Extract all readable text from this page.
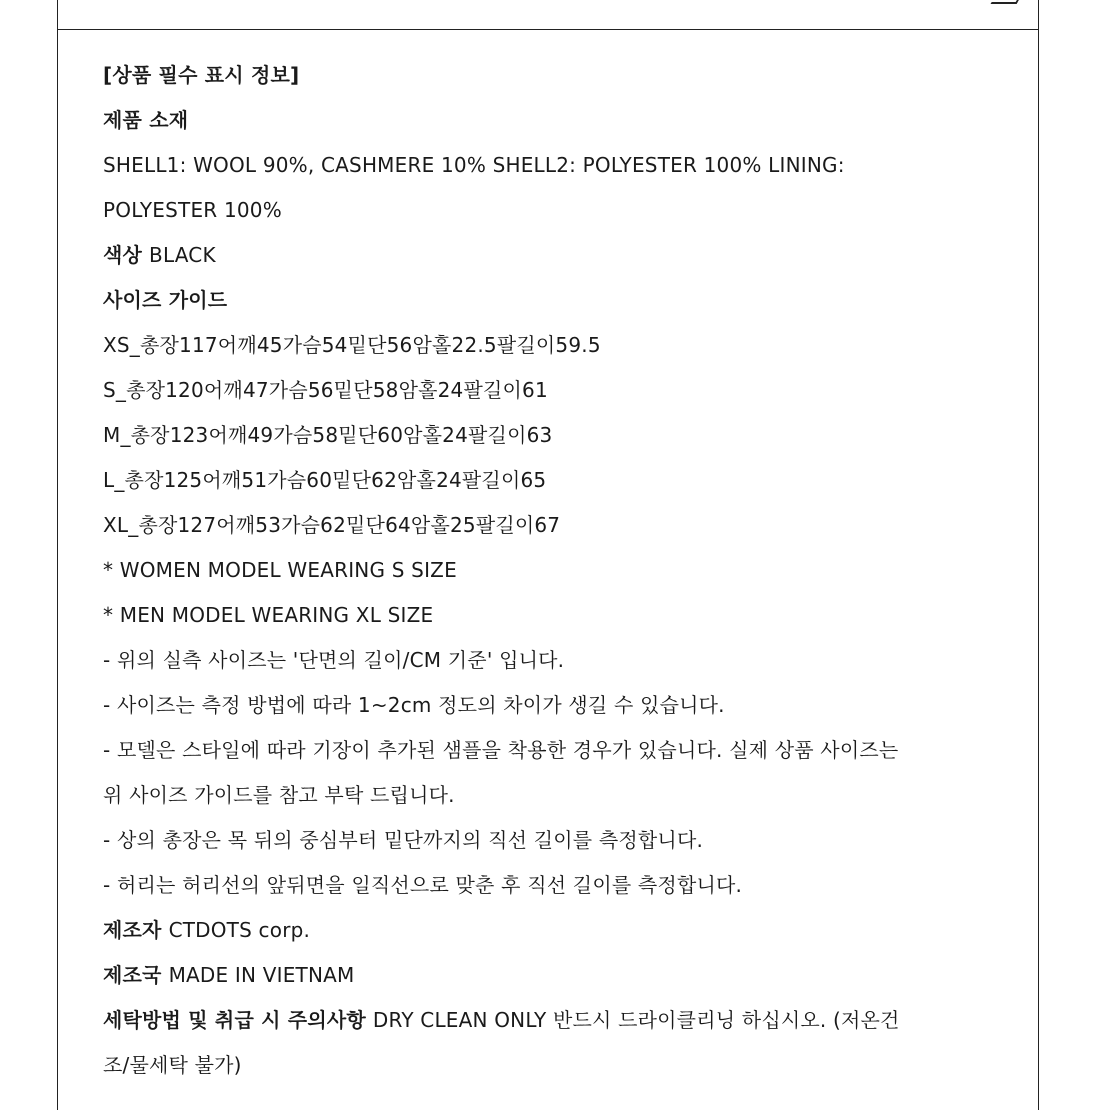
[상품 필수 표시 정보]
제품 소재
SHELL1: WOOL 90%, CASHMERE 10% SHELL2: POLYESTER 100% LINING:
POLYESTER 100%
색상 BLACK
사이즈 가이드
XS_총장117어깨45가슴54밑단56암홀22.5팔길이59.5
S_총장120어깨47가슴56밑단58암홀24팔길이61
M_총장123어깨49가슴58밑단60암홀24팔길이63
L_총장125어깨51가슴60밑단62암홀24팔길이65
XL_총장127어깨53가슴62밑단64암홀25팔길이67
* WOMEN MODEL WEARING S SIZE
* MEN MODEL WEARING XL SIZE
- 위의 실측 사이즈는 '단면의 길이/CM 기준' 입니다.
- 사이즈는 측정 방법에 따라 1~2cm 정도의 차이가 생길 수 있습니다.
- 모델은 스타일에 따라 기장이 추가된 샘플을 착용한 경우가 있습니다. 실제 상품 사이즈는
위 사이즈 가이드를 참고 부탁 드립니다.
- 상의 총장은 목 뒤의 중심부터 밑단까지의 직선 길이를 측정합니다.
- 허리는 허리선의 앞뒤면을 일직선으로 맞춘 후 직선 길이를 측정합니다.
제조자 CTDOTS corp.
제조국 MADE IN VIETNAM
세탁방법 및 취급 시 주의사항 DRY CLEAN ONLY 반드시 드라이클리닝 하십시오. (저온건
조/물세탁 불가)
